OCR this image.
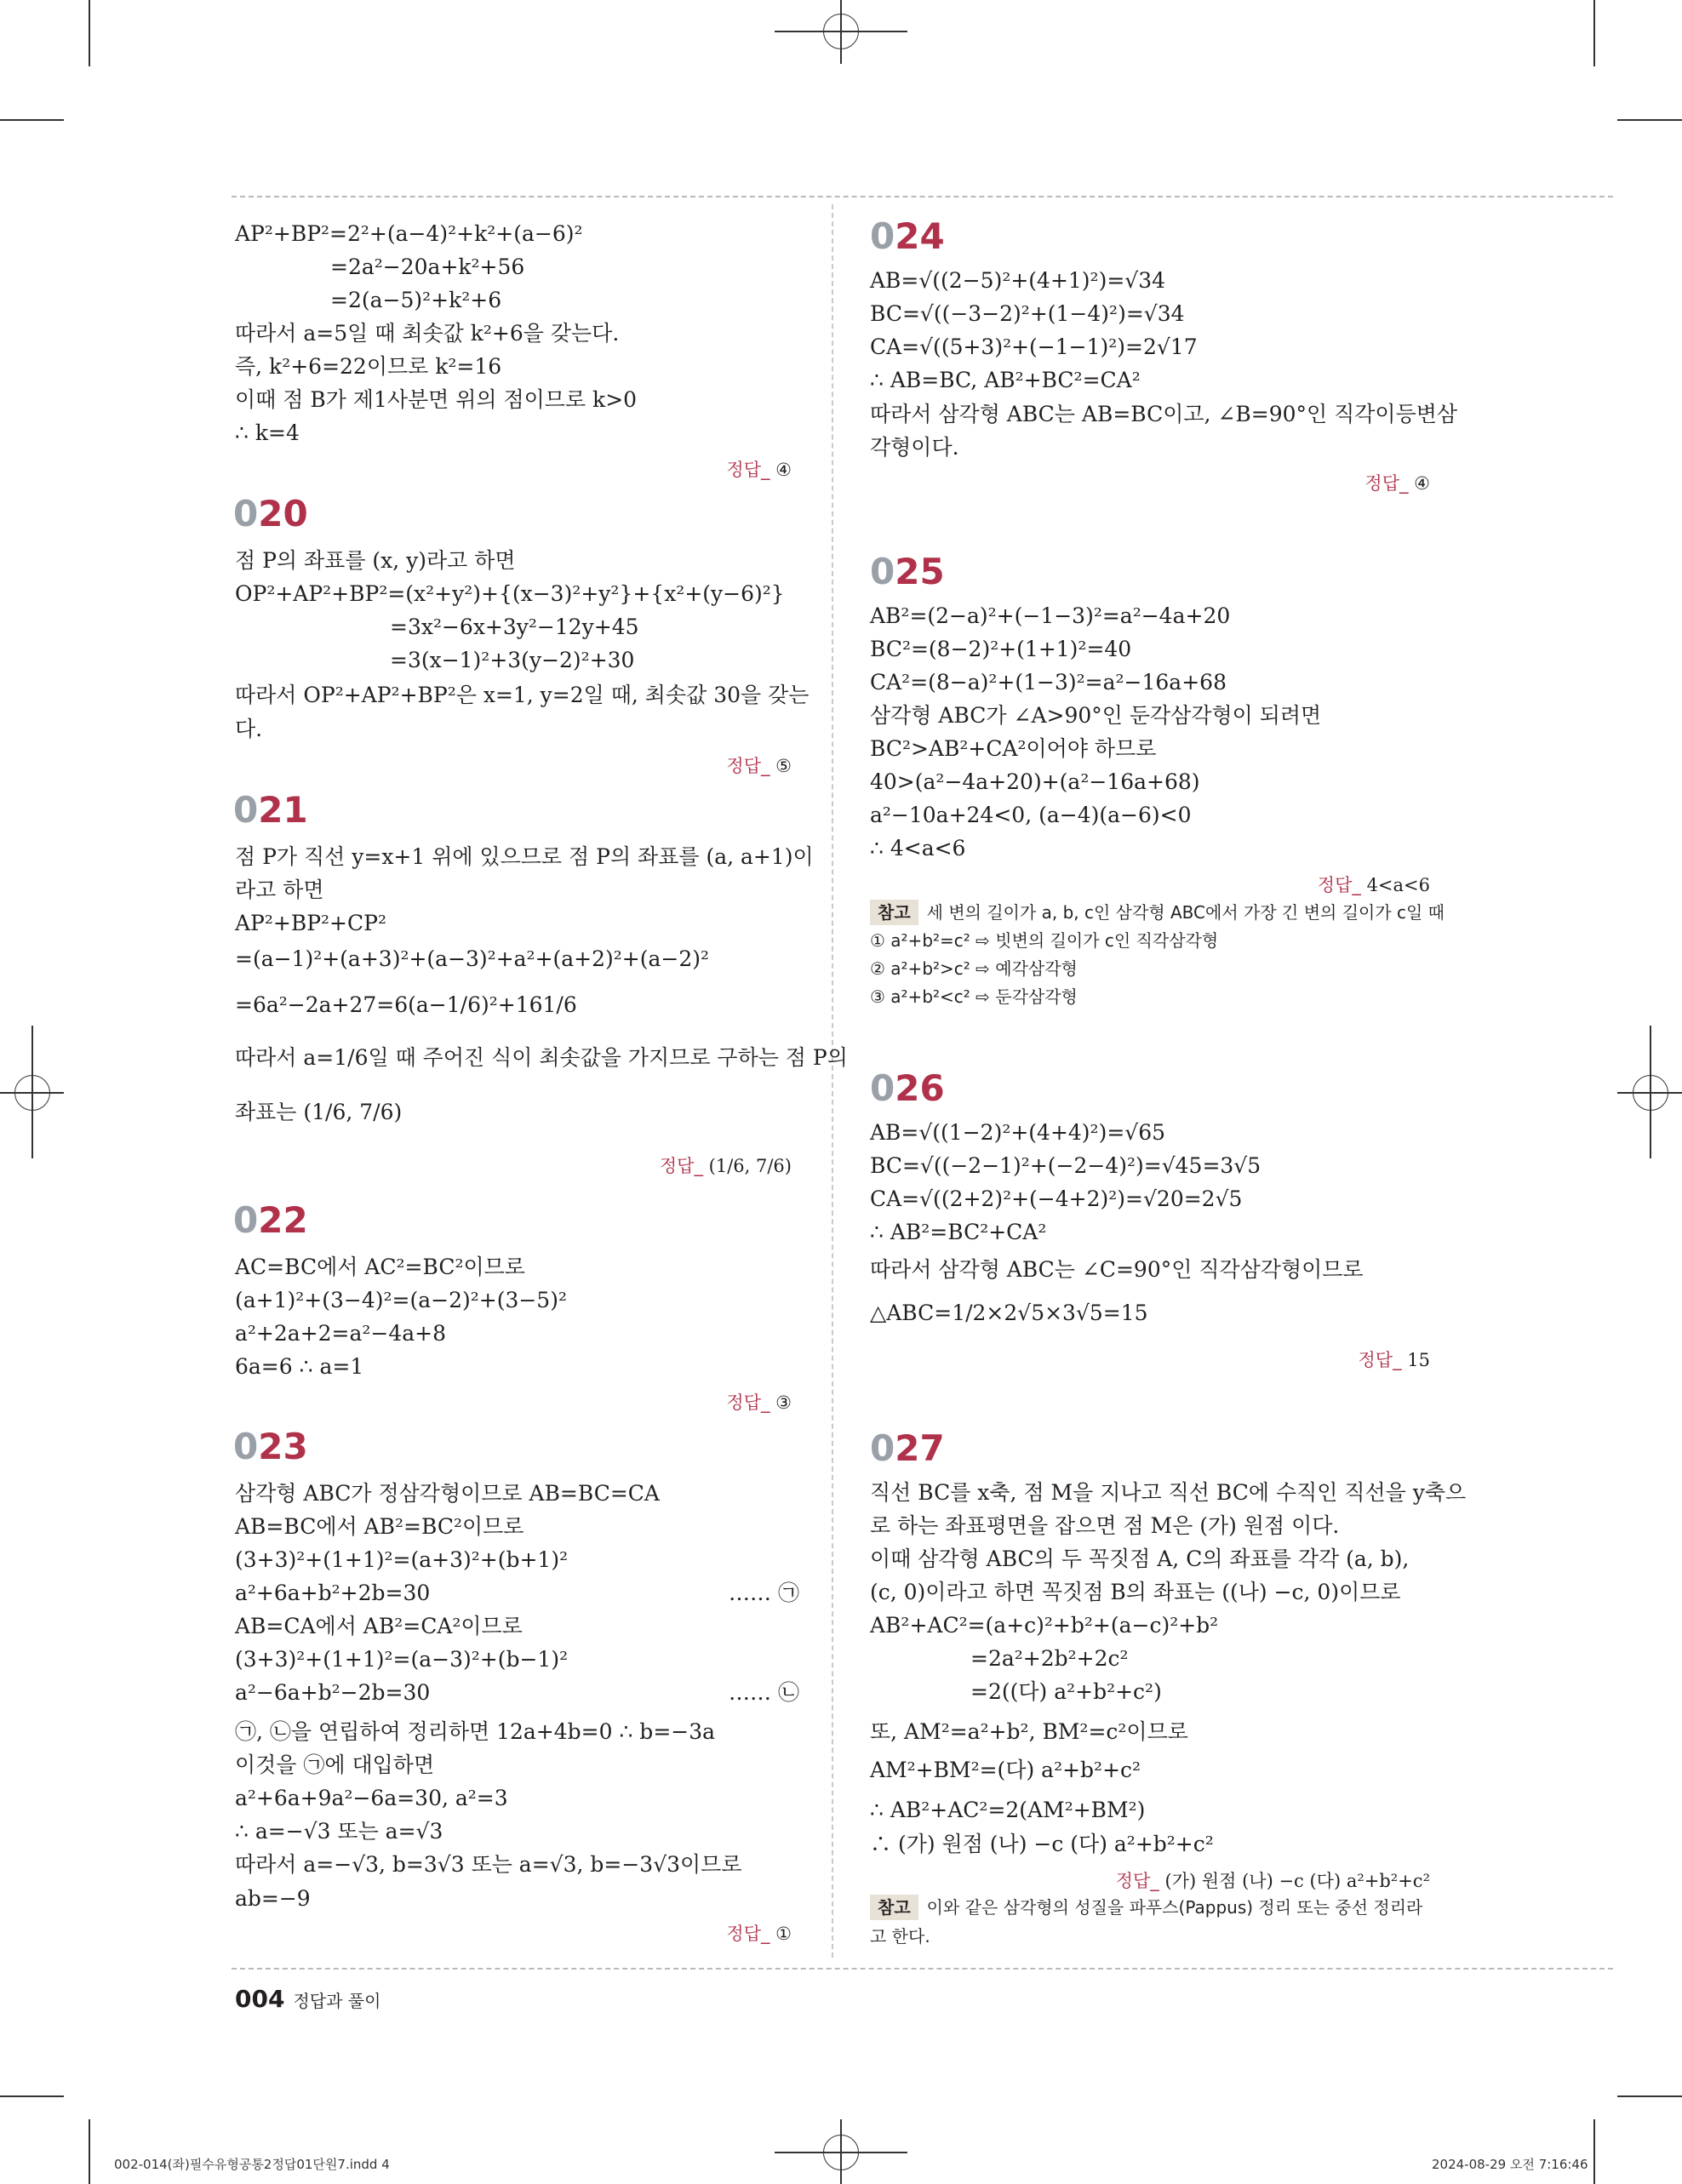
AP²+BP²=2²+(a−4)²+k²+(a−6)²
=2a²−20a+k²+56
=2(a−5)²+k²+6
따라서 a=5일 때 최솟값 k²+6을 갖는다.
즉, k²+6=22이므로 k²=16
이때 점 B가 제1사분면 위의 점이므로 k>0
∴ k=4
정답_ ④
020
점 P의 좌표를 (x, y)라고 하면
OP²+AP²+BP²=(x²+y²)+{(x−3)²+y²}+{x²+(y−6)²}
=3x²−6x+3y²−12y+45
=3(x−1)²+3(y−2)²+30
따라서 OP²+AP²+BP²은 x=1, y=2일 때, 최솟값 30을 갖는
다.
정답_ ⑤
021
점 P가 직선 y=x+1 위에 있으므로 점 P의 좌표를 (a, a+1)이
라고 하면
AP²+BP²+CP²
=(a−1)²+(a+3)²+(a−3)²+a²+(a+2)²+(a−2)²
=6a²−2a+27=6(a−1/6)²+161/6
따라서 a=1/6일 때 주어진 식이 최솟값을 가지므로 구하는 점 P의
좌표는 (1/6, 7/6)
정답_ (1/6, 7/6)
022
AC=BC에서 AC²=BC²이므로
(a+1)²+(3−4)²=(a−2)²+(3−5)²
a²+2a+2=a²−4a+8
6a=6 ∴ a=1
정답_ ③
023
삼각형 ABC가 정삼각형이므로 AB=BC=CA
AB=BC에서 AB²=BC²이므로
(3+3)²+(1+1)²=(a+3)²+(b+1)²
a²+6a+b²+2b=30	…… ㉠
AB=CA에서 AB²=CA²이므로
(3+3)²+(1+1)²=(a−3)²+(b−1)²
a²−6a+b²−2b=30	…… ㉡
㉠, ㉡을 연립하여 정리하면 12a+4b=0 ∴ b=−3a
이것을 ㉠에 대입하면
a²+6a+9a²−6a=30, a²=3
∴ a=−√3 또는 a=√3
따라서 a=−√3, b=3√3 또는 a=√3, b=−3√3이므로
ab=−9
정답_ ①
024
AB=√((2−5)²+(4+1)²)=√34
BC=√((−3−2)²+(1−4)²)=√34
CA=√((5+3)²+(−1−1)²)=2√17
∴ AB=BC, AB²+BC²=CA²
따라서 삼각형 ABC는 AB=BC이고, ∠B=90°인 직각이등변삼
각형이다.
정답_ ④
025
AB²=(2−a)²+(−1−3)²=a²−4a+20
BC²=(8−2)²+(1+1)²=40
CA²=(8−a)²+(1−3)²=a²−16a+68
삼각형 ABC가 ∠A>90°인 둔각삼각형이 되려면
BC²>AB²+CA²이어야 하므로
40>(a²−4a+20)+(a²−16a+68)
a²−10a+24<0, (a−4)(a−6)<0
∴ 4<a<6
정답_ 4<a<6
참고 세 변의 길이가 a, b, c인 삼각형 ABC에서 가장 긴 변의 길이가 c일 때
① a²+b²=c² ⇨ 빗변의 길이가 c인 직각삼각형
② a²+b²>c² ⇨ 예각삼각형
③ a²+b²<c² ⇨ 둔각삼각형
026
AB=√((1−2)²+(4+4)²)=√65
BC=√((−2−1)²+(−2−4)²)=√45=3√5
CA=√((2+2)²+(−4+2)²)=√20=2√5
∴ AB²=BC²+CA²
따라서 삼각형 ABC는 ∠C=90°인 직각삼각형이므로
△ABC=1/2×2√5×3√5=15
정답_ 15
027
직선 BC를 x축, 점 M을 지나고 직선 BC에 수직인 직선을 y축으
로 하는 좌표평면을 잡으면 점 M은 (가) 원점 이다.
이때 삼각형 ABC의 두 꼭짓점 A, C의 좌표를 각각 (a, b),
(c, 0)이라고 하면 꼭짓점 B의 좌표는 ((나) −c, 0)이므로
AB²+AC²=(a+c)²+b²+(a−c)²+b²
=2a²+2b²+2c²
=2((다) a²+b²+c²)
또, AM²=a²+b², BM²=c²이므로
AM²+BM²=(다) a²+b²+c²
∴ AB²+AC²=2(AM²+BM²)
∴ (가) 원점 (나) −c (다) a²+b²+c²
정답_ (가) 원점 (나) −c (다) a²+b²+c²
참고 이와 같은 삼각형의 성질을 파푸스(Pappus) 정리 또는 중선 정리라
고 한다.
004 정답과 풀이
002-014(좌)필수유형공통2정답01단원7.indd 4	2024-08-29 오전 7:16:46
